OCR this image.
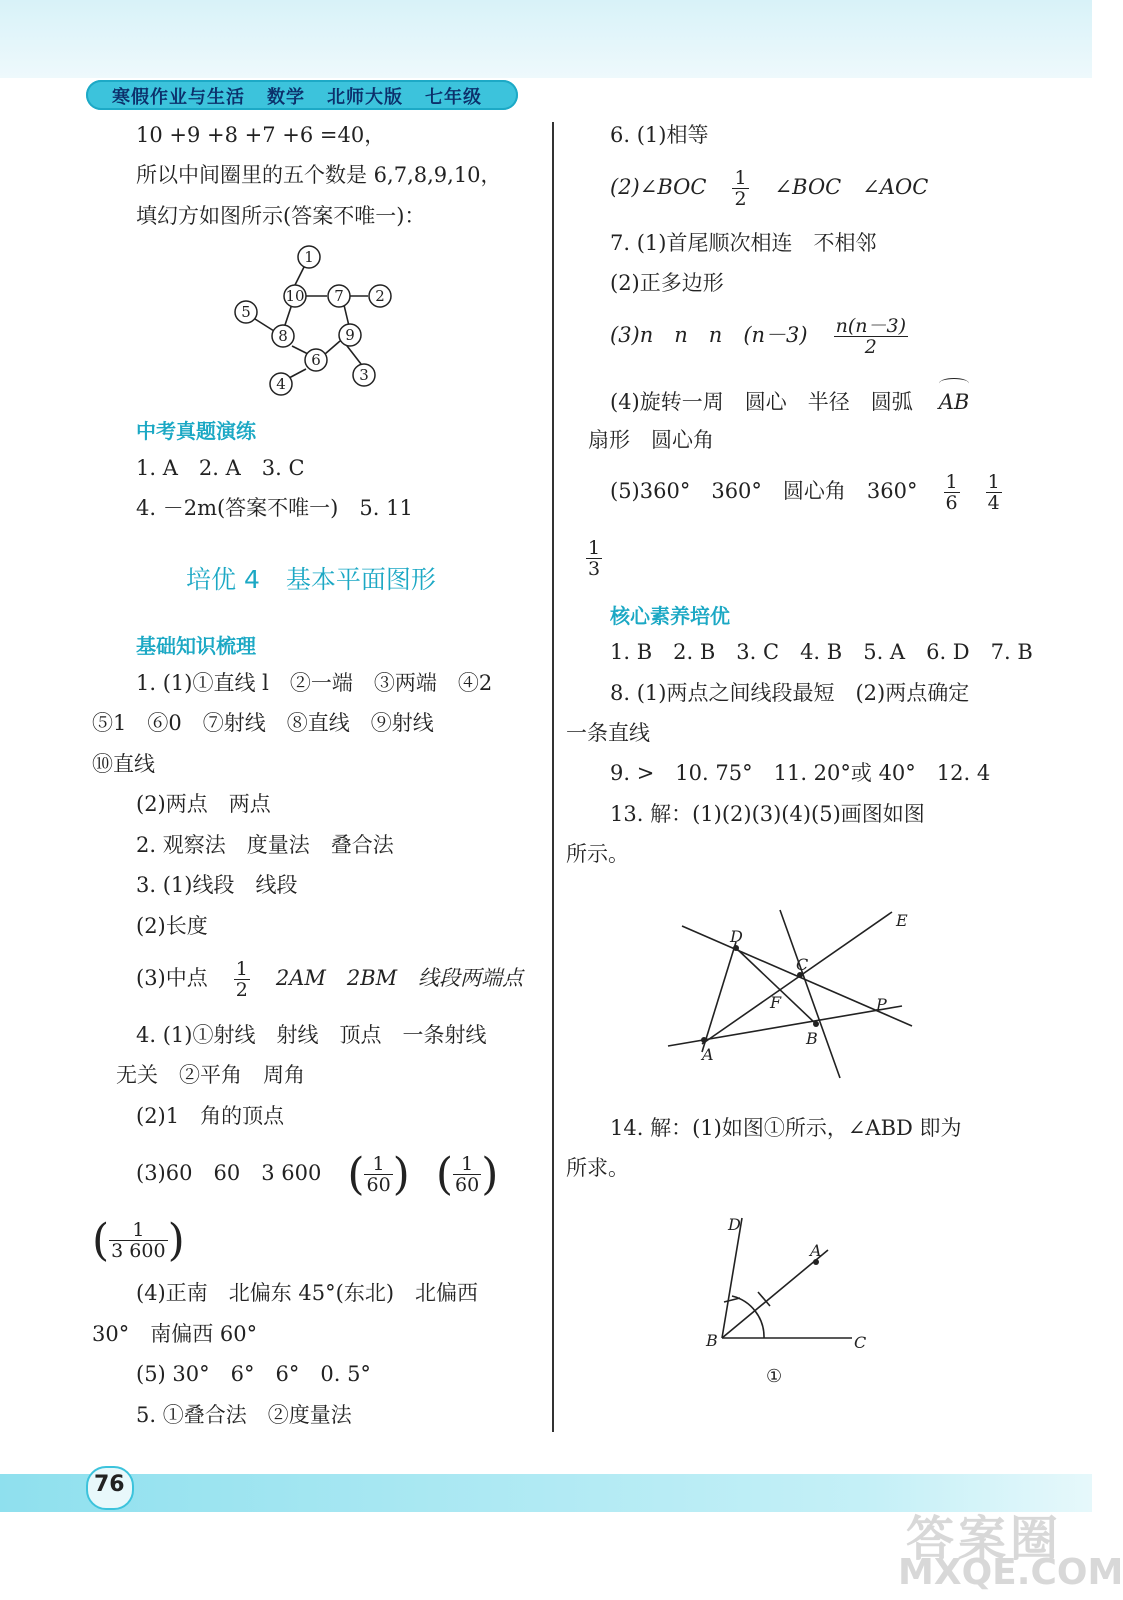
寒假作业与生活 数学 北师大版 七年级
10 +9 +8 +7 +6 =40，
所以中间圈里的五个数是 6,7,8,9,10，
填幻方如图所示(答案不唯一)：
1
10 7 2
5
8	9
6
3
4
中考真题演练
1. A　2. A　3. C
4. －2m(答案不唯一)　5. 11
培优 4 基本平面图形
基础知识梳理
1. (1)①直线 l　②一端　③两端　④2
⑤1　⑥0　⑦射线　⑧直线　⑨射线
⑩直线
(2)两点　两点
2. 观察法　度量法　叠合法
3. (1)线段　线段
(2)长度
(3)中点 $\frac{1}{2} 2AM$　2BM　线段两端点
4. (1)①射线　射线　顶点　一条射线
无关　②平角　周角
(2)1　角的顶点
(3)60　60　3 600 ( $\frac{1}{60}$ ) ( $\frac{1}{60}$ )
( $\frac{1}{3 600}$ )
(4)正南　北偏东 45°(东北)　北偏西
30°　南偏西 60°
(5) 30°　6°　6°　0. 5°
5. ①叠合法　②度量法
6. (1)相等
(2)∠BOC $\frac{1}{2}$ ∠BOC　∠AOC
7. (1)首尾顺次相连　不相邻
(2)正多边形
(3)n　n　n　$(n-3) \frac{n(n-3)}{2}$
(4)旋转一周　圆心　半径　圆弧 AB
扇形　圆心角
(5)360°　360°　圆心角　$360^\circ \frac{1}{6} \frac{1}{4}$
$\frac{1}{3}$
核心素养培优
1. B　2. B　3. C　4. B　5. A　6. D　7. B
8. (1)两点之间线段最短　(2)两点确定
一条直线
9. >　10. 75°　11. 20°或 40°　12. 4
13. 解：(1)(2)(3)(4)(5)画图如图
所示。
D
C
E
F	P
A
B
14. 解：(1)如图①所示，∠ABD 即为
所求。
D
A
B	C
①
76
答案圈
MXQE.COM
